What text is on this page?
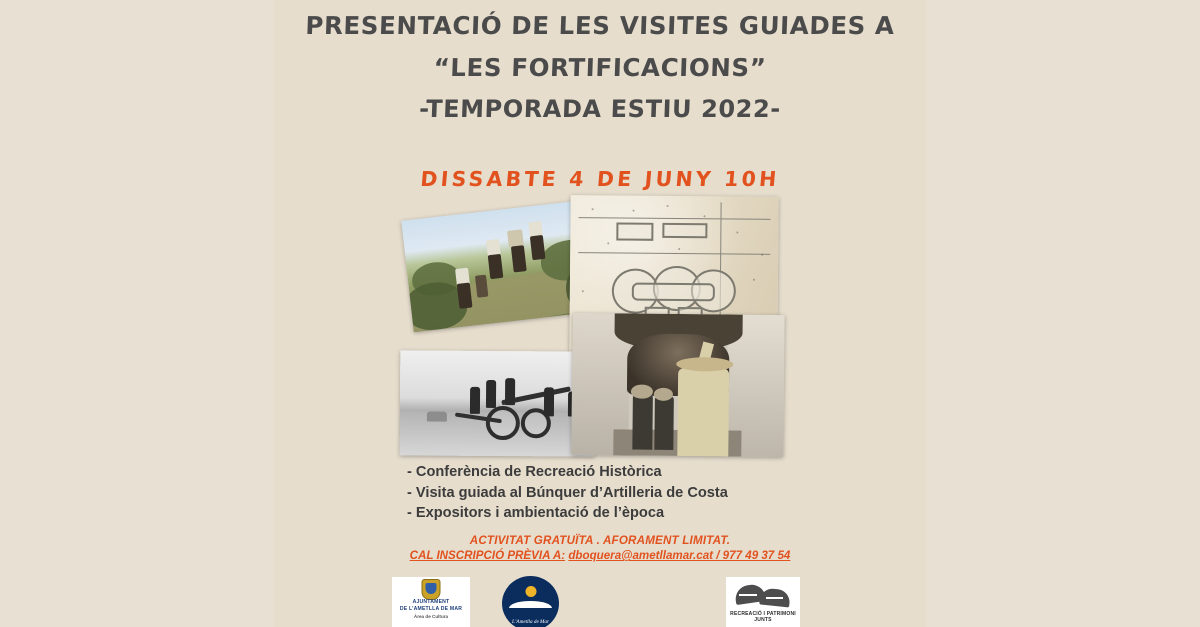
PRESENTACIÓ DE LES VISITES GUIADES A
“LES FORTIFICACIONS”
-TEMPORADA ESTIU 2022-
DISSABTE 4 DE JUNY 10H
- Conferència de Recreació Històrica
- Visita guiada al Búnquer d’Artilleria de Costa
- Expositors i ambientació de l’època
ACTIVITAT GRATUÏTA . AFORAMENT LIMITAT.
CAL INSCRIPCIÓ PRÈVIA A: dboquera@ametllamar.cat / 977 49 37 54
AJUNTAMENT
DE L’AMETLLA DE MAR
Àrea de Cultura
L’Ametlla de Mar
RECREACIÓ I PATRIMONI JUNTS
